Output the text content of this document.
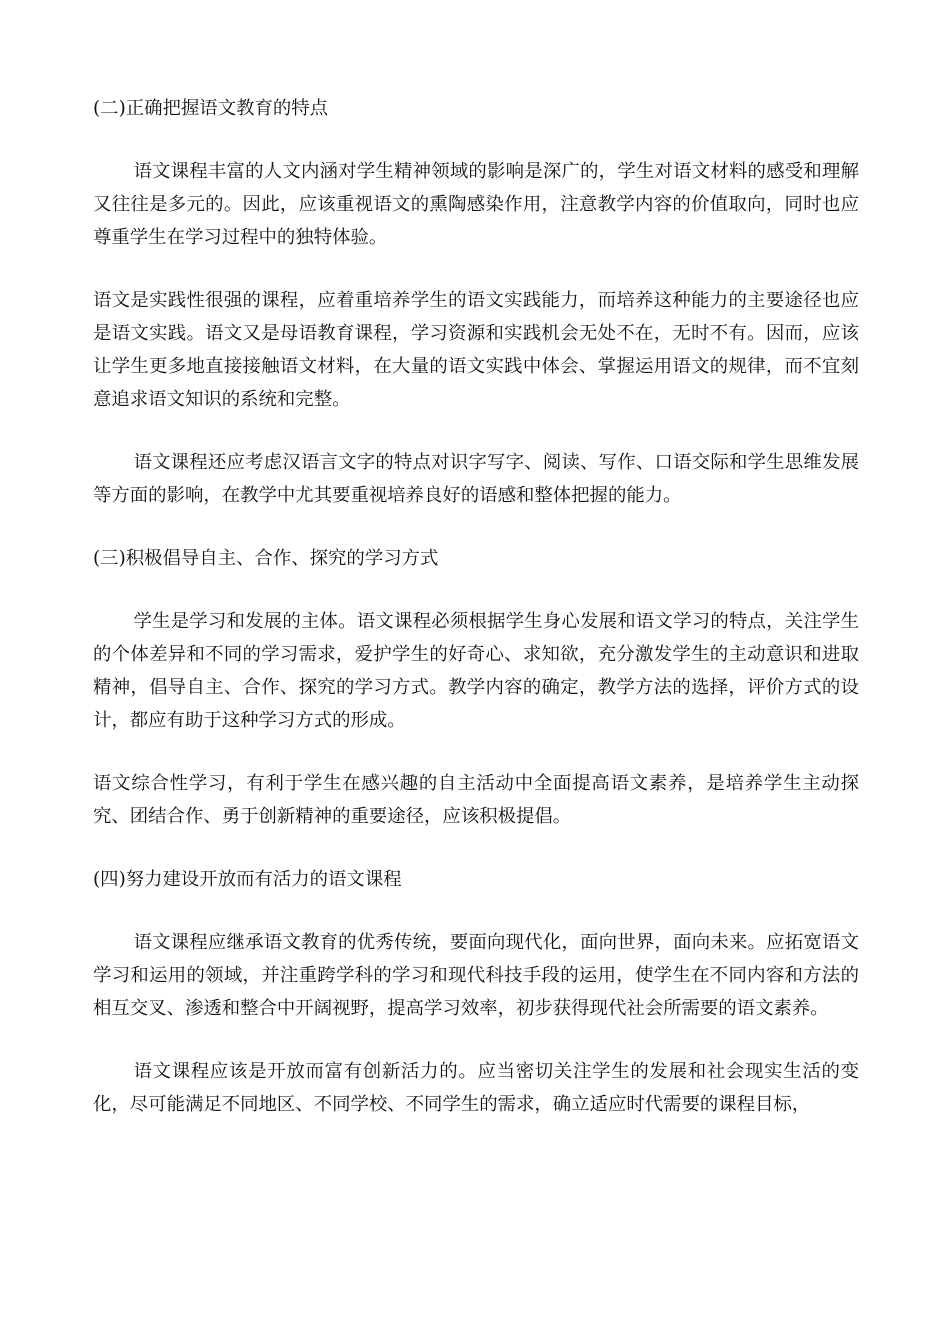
(二)正确把握语文教育的特点

语文课程丰富的人文内涵对学生精神领域的影响是深广的，学生对语文材料的感受和理解又往往是多元的。因此，应该重视语文的熏陶感染作用，注意教学内容的价值取向，同时也应尊重学生在学习过程中的独特体验。

语文是实践性很强的课程，应着重培养学生的语文实践能力，而培养这种能力的主要途径也应是语文实践。语文又是母语教育课程，学习资源和实践机会无处不在，无时不有。因而，应该让学生更多地直接接触语文材料，在大量的语文实践中体会、掌握运用语文的规律，而不宜刻意追求语文知识的系统和完整。

语文课程还应考虑汉语言文字的特点对识字写字、阅读、写作、口语交际和学生思维发展等方面的影响，在教学中尤其要重视培养良好的语感和整体把握的能力。

(三)积极倡导自主、合作、探究的学习方式

学生是学习和发展的主体。语文课程必须根据学生身心发展和语文学习的特点，关注学生的个体差异和不同的学习需求，爱护学生的好奇心、求知欲，充分激发学生的主动意识和进取精神，倡导自主、合作、探究的学习方式。教学内容的确定，教学方法的选择，评价方式的设计，都应有助于这种学习方式的形成。

语文综合性学习，有利于学生在感兴趣的自主活动中全面提高语文素养，是培养学生主动探究、团结合作、勇于创新精神的重要途径，应该积极提倡。

(四)努力建设开放而有活力的语文课程

语文课程应继承语文教育的优秀传统，要面向现代化，面向世界，面向未来。应拓宽语文学习和运用的领域，并注重跨学科的学习和现代科技手段的运用，使学生在不同内容和方法的相互交叉、渗透和整合中开阔视野，提高学习效率，初步获得现代社会所需要的语文素养。

语文课程应该是开放而富有创新活力的。应当密切关注学生的发展和社会现实生活的变化，尽可能满足不同地区、不同学校、不同学生的需求，确立适应时代需要的课程目标，
